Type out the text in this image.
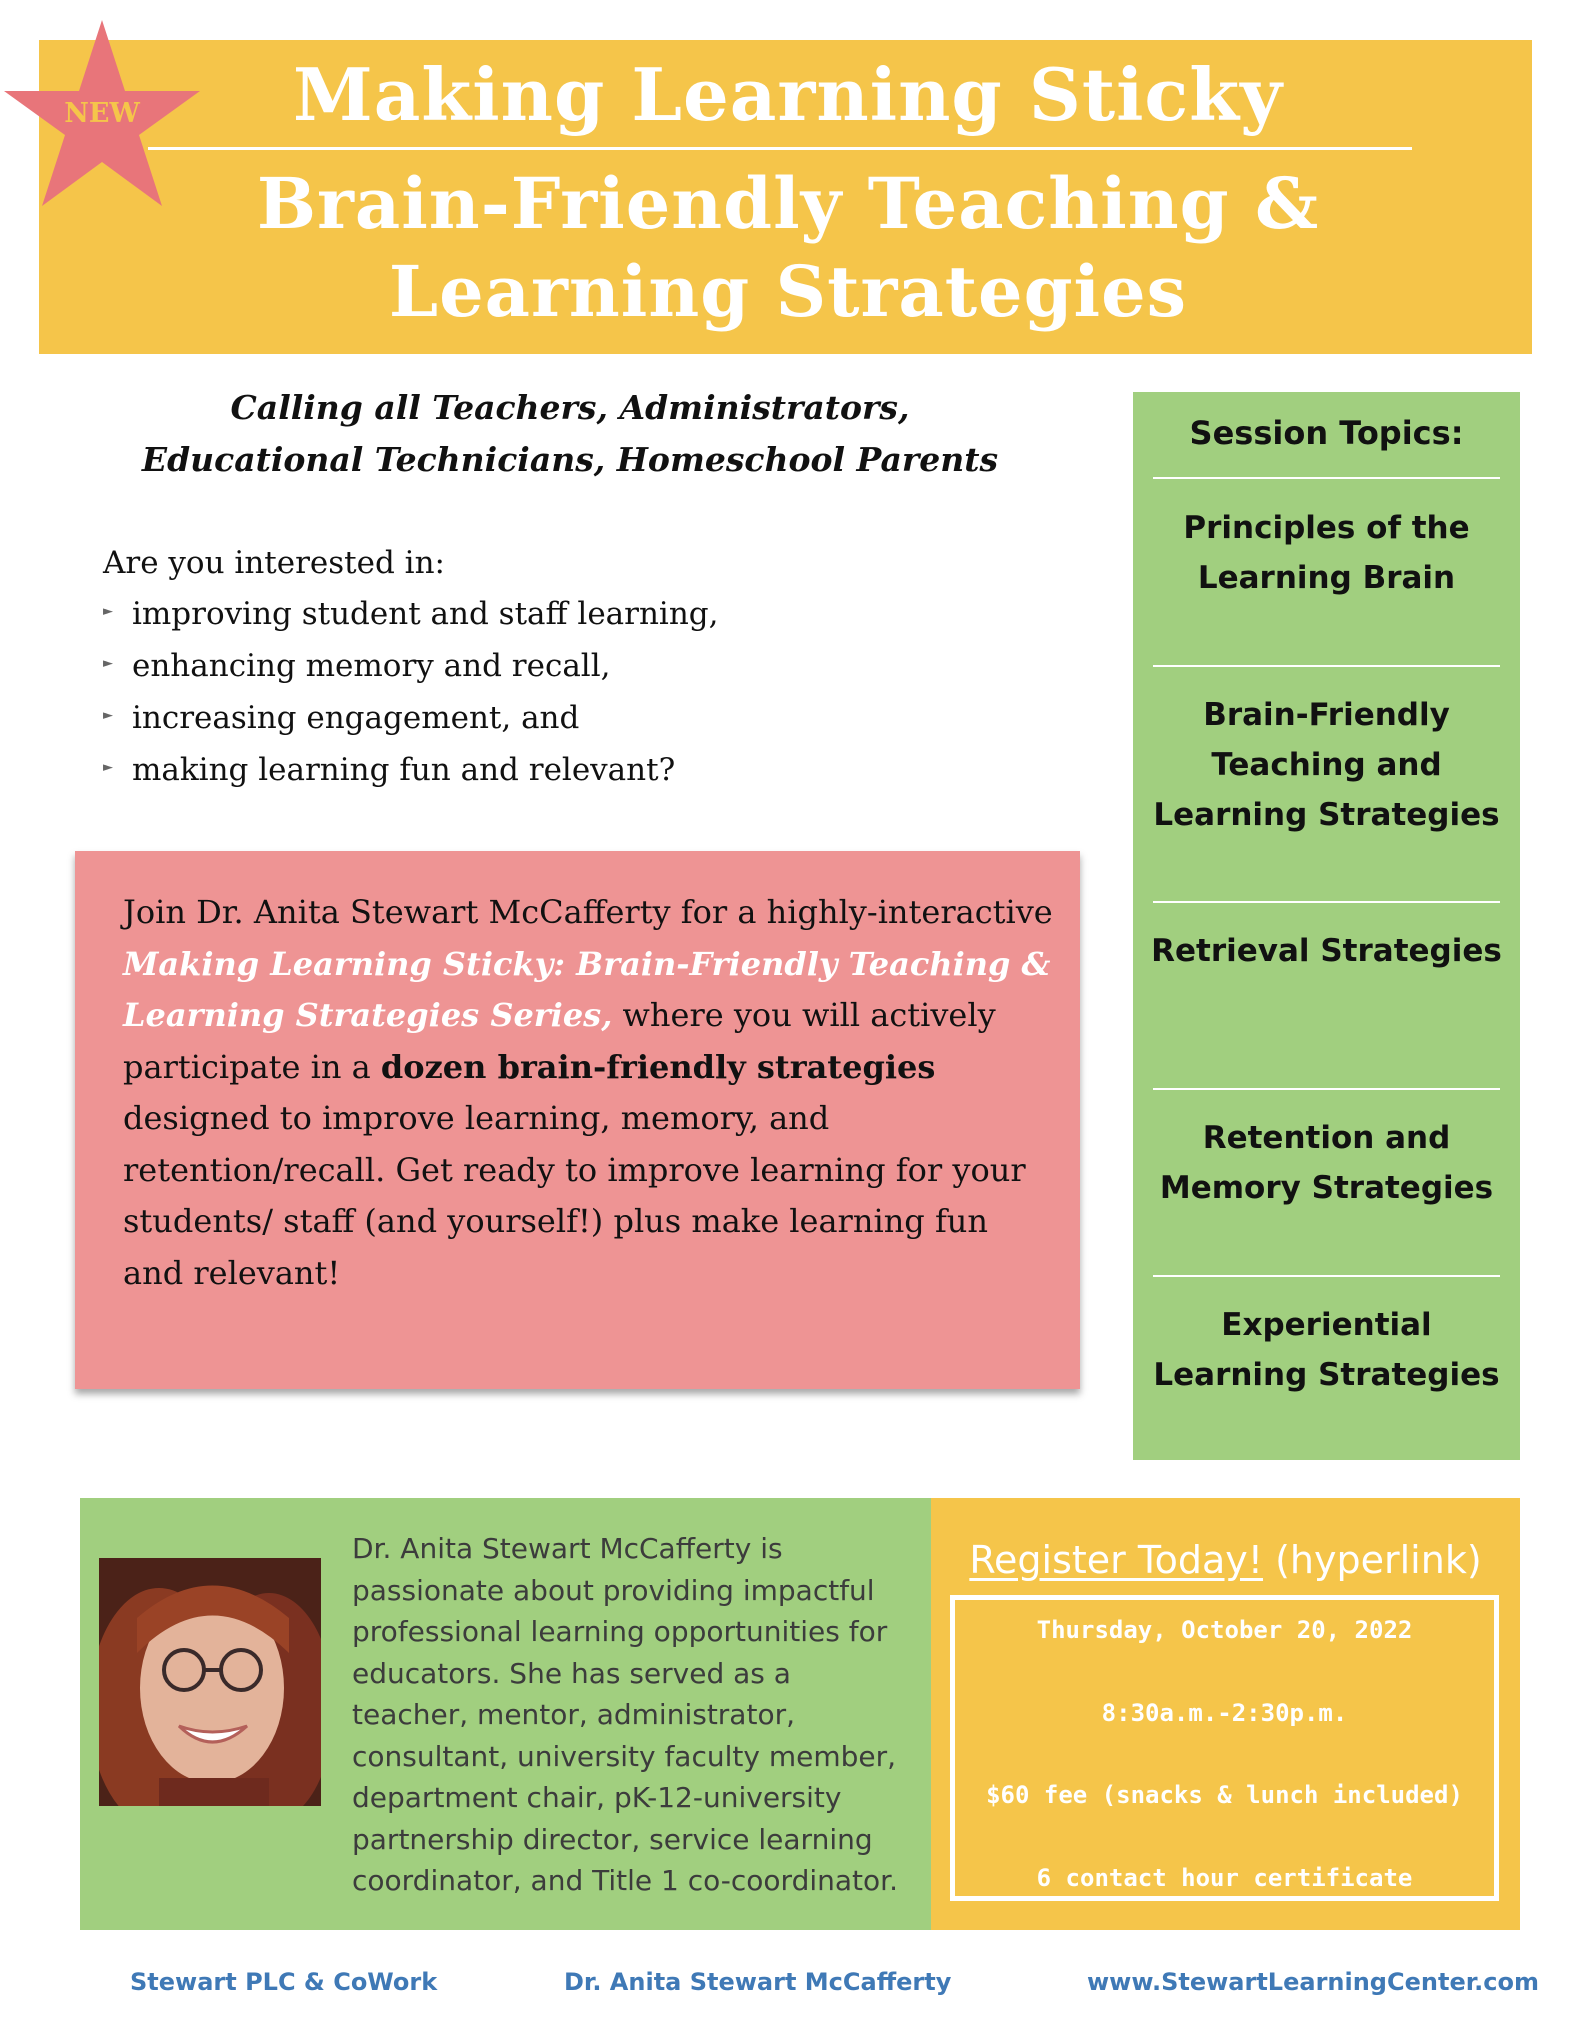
NEW	Making Learning Sticky
Brain-Friendly Teaching &
Learning Strategies
Calling all Teachers, Administrators,
Educational Technicians, Homeschool Parents
Are you interested in:
► improving student and staff learning,
► enhancing memory and recall,
► increasing engagement, and
► making learning fun and relevant?
Join Dr. Anita Stewart McCafferty for a highly-interactive Making Learning Sticky: Brain-Friendly Teaching & Learning Strategies Series, where you will actively participate in a dozen brain-friendly strategies designed to improve learning, memory, and retention/recall. Get ready to improve learning for your students/ staff (and yourself!) plus make learning fun and relevant!
Session Topics:
Principles of the Learning Brain
Brain-Friendly Teaching and Learning Strategies
Retrieval Strategies
Retention and Memory Strategies
Experiential Learning Strategies
Dr. Anita Stewart McCafferty is passionate about providing impactful professional learning opportunities for educators. She has served as a teacher, mentor, administrator, consultant, university faculty member, department chair, pK-12-university partnership director, service learning coordinator, and Title 1 co-coordinator.
Register Today! (hyperlink)
Thursday, October 20, 2022
8:30a.m.-2:30p.m.
$60 fee (snacks & lunch included)
6 contact hour certificate
Stewart PLC & CoWork	Dr. Anita Stewart McCafferty	www.StewartLearningCenter.com
